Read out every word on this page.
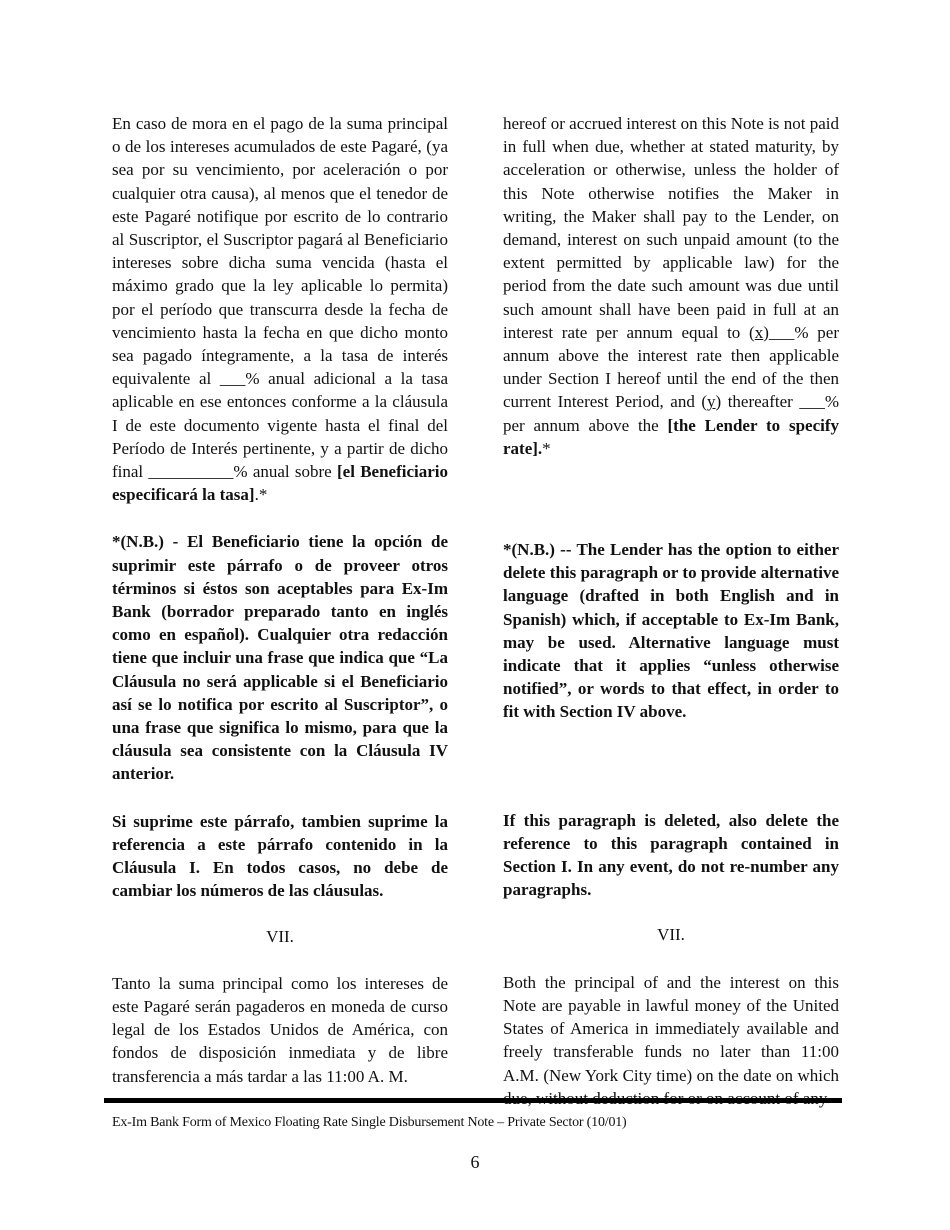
En caso de mora en el pago de la suma principal o de los intereses acumulados de este Pagaré, (ya sea por su vencimiento, por aceleración o por cualquier otra causa), al menos que el tenedor de este Pagaré notifique por escrito de lo contrario al Suscriptor, el Suscriptor pagará al Beneficiario intereses sobre dicha suma vencida (hasta el máximo grado que la ley aplicable lo permita) por el período que transcurra desde la fecha de vencimiento hasta la fecha en que dicho monto sea pagado íntegramente, a la tasa de interés equivalente al ___% anual adicional a la tasa aplicable en ese entonces conforme a la cláusula I de este documento vigente hasta el final del Período de Interés pertinente, y a partir de dicho final __________% anual sobre [el Beneficiario especificará la tasa].*

*(N.B.) - El Beneficiario tiene la opción de suprimir este párrafo o de proveer otros términos si éstos son aceptables para Ex-Im Bank (borrador preparado tanto en inglés como en español). Cualquier otra redacción tiene que incluir una frase que indica que “La Cláusula no será applicable si el Beneficiario así se lo notifica por escrito al Suscriptor”, o una frase que significa lo mismo, para que la cláusula sea consistente con la Cláusula IV anterior.

Si suprime este párrafo, tambien suprime la referencia a este párrafo contenido in la Cláusula I. En todos casos, no debe de cambiar los números de las cláusulas.

VII.

Tanto la suma principal como los intereses de este Pagaré serán pagaderos en moneda de curso legal de los Estados Unidos de América, con fondos de disposición inmediata y de libre transferencia a más tardar a las 11:00 A. M.

hereof or accrued interest on this Note is not paid in full when due, whether at stated maturity, by acceleration or otherwise, unless the holder of this Note otherwise notifies the Maker in writing, the Maker shall pay to the Lender, on demand, interest on such unpaid amount (to the extent permitted by applicable law) for the period from the date such amount was due until such amount shall have been paid in full at an interest rate per annum equal to (x)___% per annum above the interest rate then applicable under Section I hereof until the end of the then current Interest Period, and (y) thereafter ___% per annum above the [the Lender to specify rate].*

*(N.B.) -- The Lender has the option to either delete this paragraph or to provide alternative language (drafted in both English and in Spanish) which, if acceptable to Ex-Im Bank, may be used. Alternative language must indicate that it applies “unless otherwise notified”, or words to that effect, in order to fit with Section IV above.

If this paragraph is deleted, also delete the reference to this paragraph contained in Section I. In any event, do not re-number any paragraphs.

VII.

Both the principal of and the interest on this Note are payable in lawful money of the United States of America in immediately available and freely transferable funds no later than 11:00 A.M. (New York City time) on the date on which

Ex-Im Bank Form of Mexico Floating Rate Single Disbursement Note – Private Sector (10/01)
6
